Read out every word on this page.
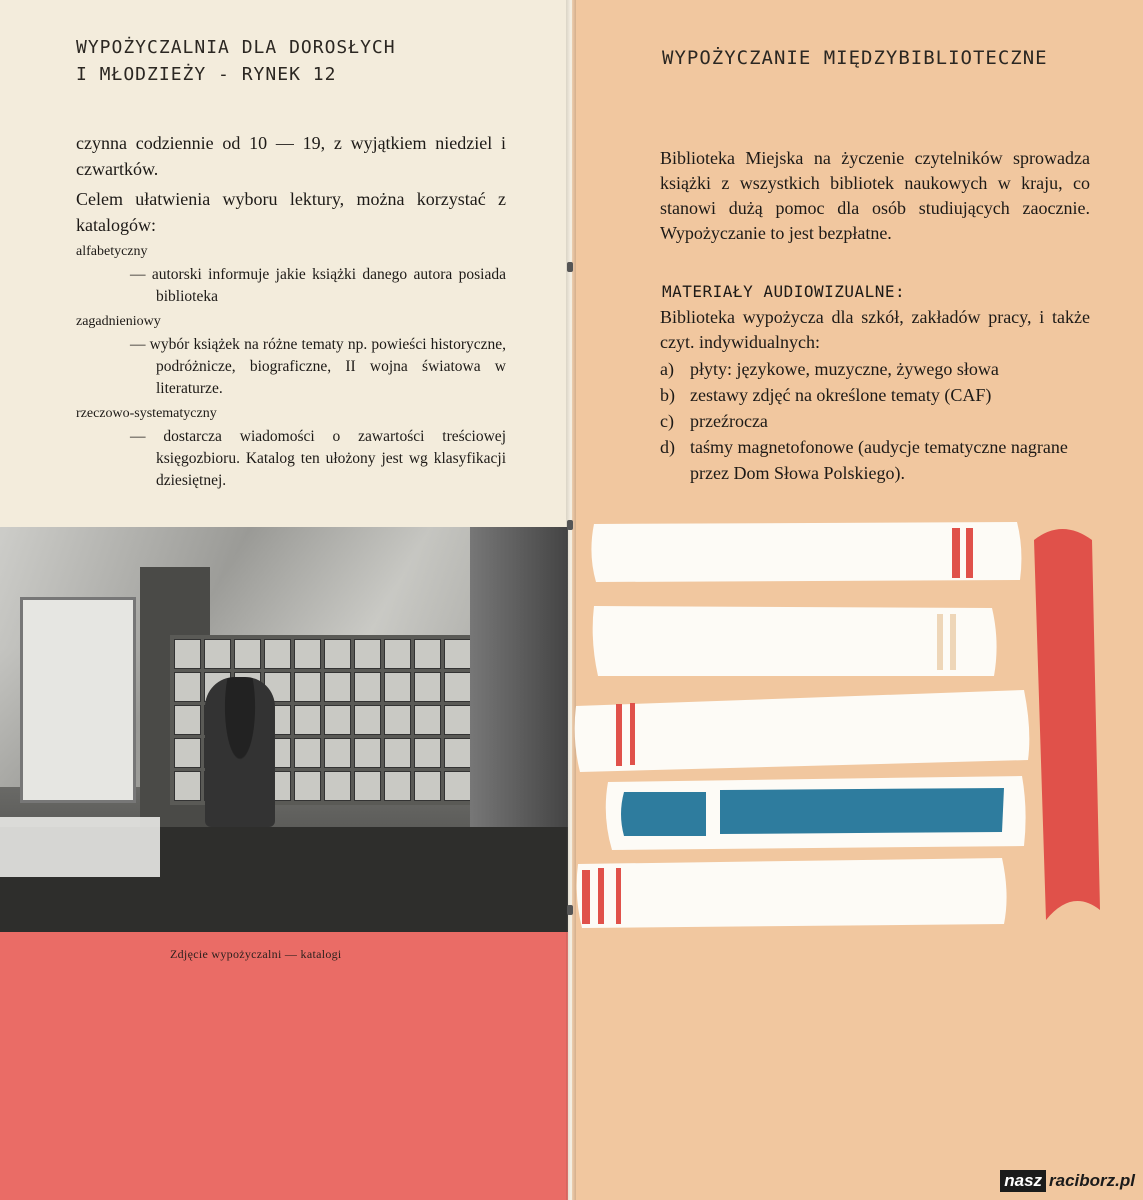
WYPOŻYCZALNIA DLA DOROSŁYCH
I MŁODZIEŻY - RYNEK 12

czynna codziennie od 10 — 19, z wyjątkiem niedziel i czwartków.

Celem ułatwienia wyboru lektury, można korzystać z katalogów:

alfabetyczny
— autorski informuje jakie książki danego autora posiada biblioteka
zagadnieniowy
— wybór książek na różne tematy np. powieści historyczne, podróżnicze, biograficzne, II wojna światowa w literaturze.
rzeczowo-systematyczny
— dostarcza wiadomości o zawartości treściowej księgozbioru. Katalog ten ułożony jest wg klasyfikacji dziesiętnej.
Zdjęcie wypożyczalni — katalogi
WYPOŻYCZANIE MIĘDZYBIBLIOTECZNE
Biblioteka Miejska na życzenie czytelników sprowadza książki z wszystkich bibliotek naukowych w kraju, co stanowi dużą pomoc dla osób studiujących zaocznie. Wypożyczanie to jest bezpłatne.
MATERIAŁY AUDIOWIZUALNE:
Biblioteka wypożycza dla szkół, zakładów pracy, i także czyt. indywidualnych:
a) płyty: językowe, muzyczne, żywego słowa
b) zestawy zdjęć na określone tematy (CAF)
c) przeźrocza
d) taśmy magnetofonowe (audycje tematyczne nagrane przez Dom Słowa Polskiego).
nasz raciborz.pl
